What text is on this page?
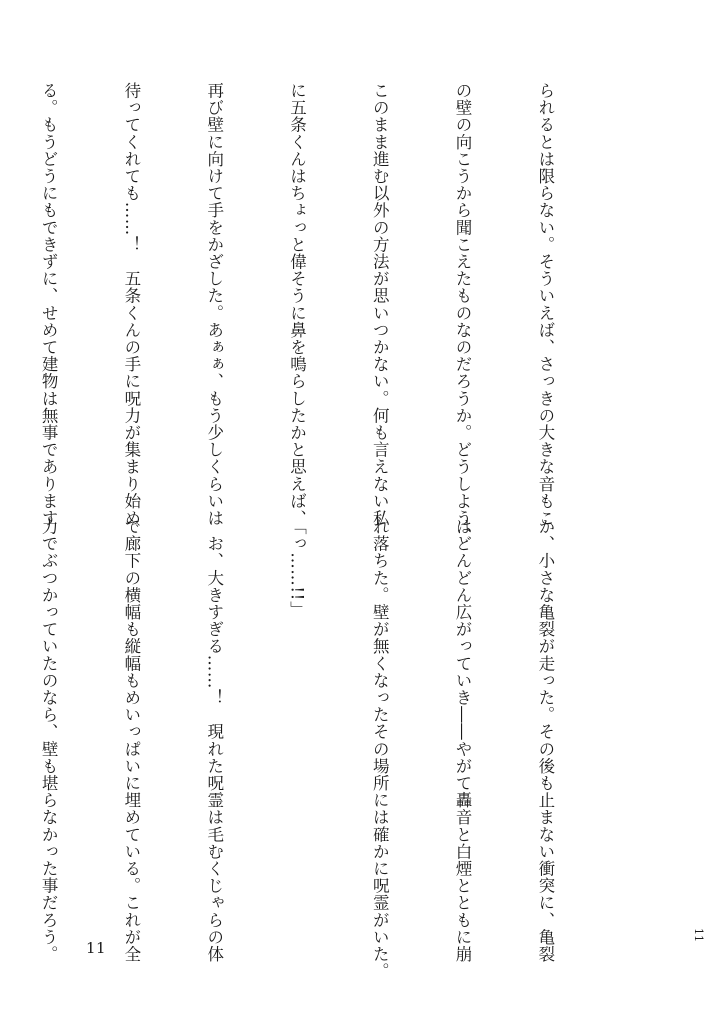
られるとは限らない。そういえば、さっきの大きな音もこ

の壁の向こうから聞こえたものなのだろうか。どうしよう、

このまま進む以外の方法が思いつかない。何も言えない私

に五条くんはちょっと偉そうに鼻を鳴らしたかと思えば、

再び壁に向けて手をかざした。あぁぁ、もう少しくらいは

待ってくれても……！　五条くんの手に呪力が集まり始め

る。もうどうにもできずに、せめて建物は無事であります

か、小さな亀裂が走った。その後も止まない衝突に、亀裂

はどんどん広がっていき――やがて轟音と白煙とともに崩

れ落ちた。壁が無くなったその場所には確かに呪霊がいた。

「っ……!!」

　お、大きすぎる……！　現れた呪霊は毛むくじゃらの体

で廊下の横幅も縦幅もめいっぱいに埋めている。これが全

力でぶつかっていたのなら、壁も堪らなかった事だろう。

11
11
